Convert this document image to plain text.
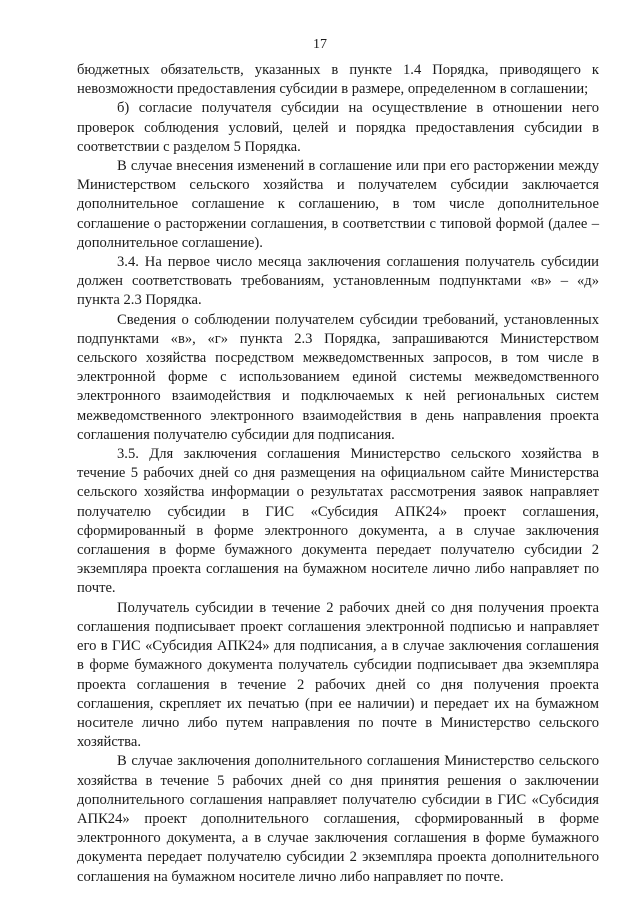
17

бюджетных обязательств, указанных в пункте 1.4 Порядка, приводящего к невозможности предоставления субсидии в размере, определенном в соглашении;

б) согласие получателя субсидии на осуществление в отношении него проверок соблюдения условий, целей и порядка предоставления субсидии в соответствии с разделом 5 Порядка.

В случае внесения изменений в соглашение или при его расторжении между Министерством сельского хозяйства и получателем субсидии заключается дополнительное соглашение к соглашению, в том числе дополнительное соглашение о расторжении соглашения, в соответствии с типовой формой (далее – дополнительное соглашение).

3.4. На первое число месяца заключения соглашения получатель субсидии должен соответствовать требованиям, установленным подпунктами «в» – «д» пункта 2.3 Порядка.

Сведения о соблюдении получателем субсидии требований, установленных подпунктами «в», «г» пункта 2.3 Порядка, запрашиваются Министерством сельского хозяйства посредством межведомственных запросов, в том числе в электронной форме с использованием единой системы межведомственного электронного взаимодействия и подключаемых к ней региональных систем межведомственного электронного взаимодействия в день направления проекта соглашения получателю субсидии для подписания.

3.5. Для заключения соглашения Министерство сельского хозяйства в течение 5 рабочих дней со дня размещения на официальном сайте Министерства сельского хозяйства информации о результатах рассмотрения заявок направляет получателю субсидии в ГИС «Субсидия АПК24» проект соглашения, сформированный в форме электронного документа, а в случае заключения соглашения в форме бумажного документа передает получателю субсидии 2 экземпляра проекта соглашения на бумажном носителе лично либо направляет по почте.

Получатель субсидии в течение 2 рабочих дней со дня получения проекта соглашения подписывает проект соглашения электронной подписью и направляет его в ГИС «Субсидия АПК24» для подписания, а в случае заключения соглашения в форме бумажного документа получатель субсидии подписывает два экземпляра проекта соглашения в течение 2 рабочих дней со дня получения проекта соглашения, скрепляет их печатью (при ее наличии) и передает их на бумажном носителе лично либо путем направления по почте в Министерство сельского хозяйства.

В случае заключения дополнительного соглашения Министерство сельского хозяйства в течение 5 рабочих дней со дня принятия решения о заключении дополнительного соглашения направляет получателю субсидии в ГИС «Субсидия АПК24» проект дополнительного соглашения, сформированный в форме электронного документа, а в случае заключения соглашения в форме бумажного документа передает получателю субсидии 2 экземпляра проекта дополнительного соглашения на бумажном носителе лично либо направляет по почте.
